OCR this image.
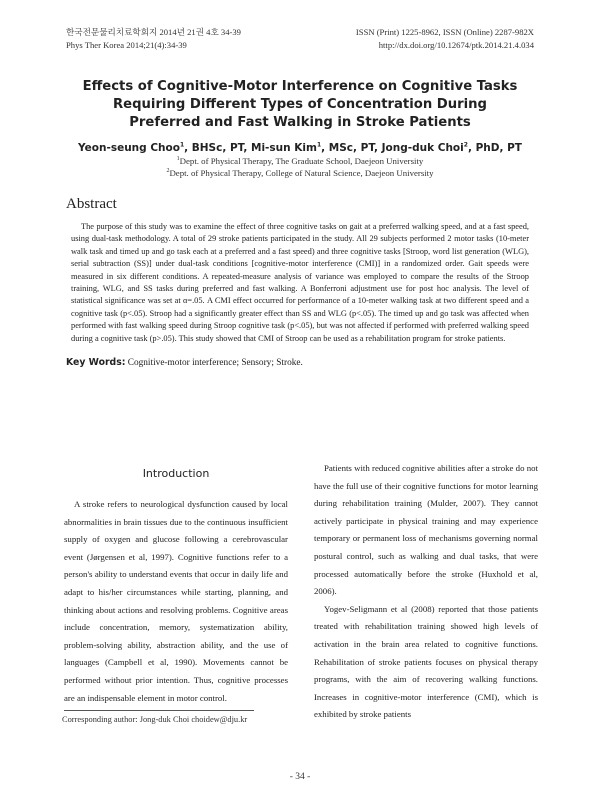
한국전문물리치료학회지 2014년 21권 4호 34-39	ISSN (Print) 1225-8962, ISSN (Online) 2287-982X
Phys Ther Korea 2014;21(4):34-39	http://dx.doi.org/10.12674/ptk.2014.21.4.034
Effects of Cognitive-Motor Interference on Cognitive Tasks
Requiring Different Types of Concentration During
Preferred and Fast Walking in Stroke Patients
Yeon-seung Choo$^1$, BHSc, PT, Mi-sun Kim$^1$, MSc, PT, Jong-duk Choi$^2$, PhD, PT
$^1$Dept. of Physical Therapy, The Graduate School, Daejeon University
$^2$Dept. of Physical Therapy, College of Natural Science, Daejeon University
Abstract
The purpose of this study was to examine the effect of three cognitive tasks on gait at a preferred walking speed, and at a fast speed, using dual-task methodology. A total of 29 stroke patients participated in the study. All 29 subjects performed 2 motor tasks (10-meter walk task and timed up and go task each at a preferred and a fast speed) and three cognitive tasks [Stroop, word list generation (WLG), serial subtraction (SS)] under dual-task conditions [cognitive-motor interference (CMI)] in a randomized order. Gait speeds were measured in six different conditions. A repeated-measure analysis of variance was employed to compare the results of the Stroop training, WLG, and SS tasks during preferred and fast walking. A Bonferroni adjustment use for post hoc analysis. The level of statistical significance was set at α=.05. A CMI effect occurred for performance of a 10-meter walking task at two different speed and a cognitive task (p<.05). Stroop had a significantly greater effect than SS and WLG (p<.05). The timed up and go task was affected when performed with fast walking speed during Stroop cognitive task (p<.05), but was not affected if performed with preferred walking speed during a cognitive task (p>.05). This study showed that CMI of Stroop can be used as a rehabilitation program for stroke patients.
Key Words: Cognitive-motor interference; Sensory; Stroke.
Introduction

A stroke refers to neurological dysfunction caused by local abnormalities in brain tissues due to the continuous insufficient supply of oxygen and glucose following a cerebrovascular event (Jørgensen et al, 1997). Cognitive functions refer to a person's ability to understand events that occur in daily life and adapt to his/her circumstances while starting, planning, and thinking about actions and resolving problems. Cognitive areas include concentration, memory, systematization ability, problem-solving ability, abstraction ability, and the use of languages (Campbell et al, 1990). Movements cannot be performed without prior intention. Thus, cognitive processes are an indispensable element in motor control.

Patients with reduced cognitive abilities after a stroke do not have the full use of their cognitive functions for motor learning during rehabilitation training (Mulder, 2007). They cannot actively participate in physical training and may experience temporary or permanent loss of mechanisms governing normal postural control, such as walking and dual tasks, that were processed automatically before the stroke (Huxhold et al, 2006).

Yogev-Seligmann et al (2008) reported that those patients treated with rehabilitation training showed high levels of activation in the brain area related to cognitive functions. Rehabilitation of stroke patients focuses on physical therapy programs, with the aim of recovering walking functions. Increases in cognitive-motor interference (CMI), which is exhibited by stroke patients

Corresponding author: Jong-duk Choi choidew@dju.kr
- 34 -
